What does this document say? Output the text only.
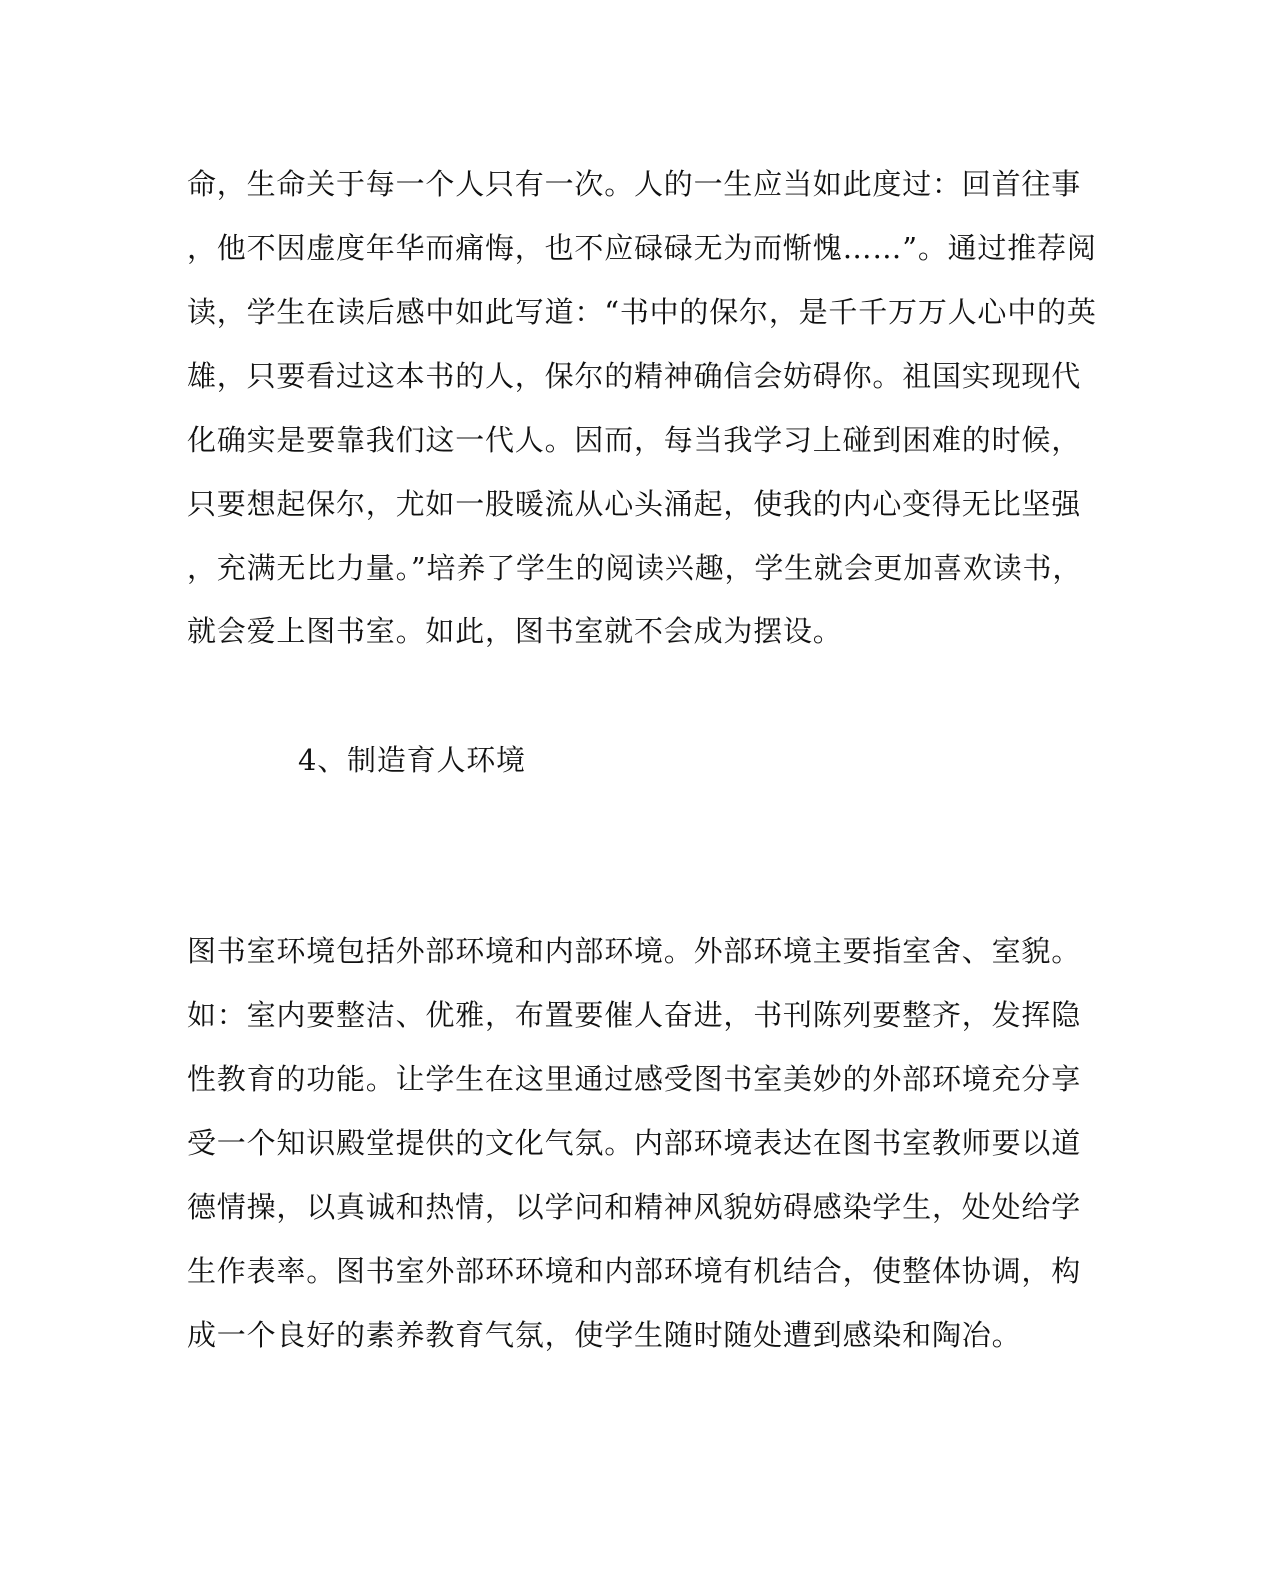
命，生命关于每一个人只有一次。人的一生应当如此度过：回首往事
，他不因虚度年华而痛悔，也不应碌碌无为而惭愧……”。通过推荐阅
读，学生在读后感中如此写道：“书中的保尔，是千千万万人心中的英
雄，只要看过这本书的人，保尔的精神确信会妨碍你。祖国实现现代
化确实是要靠我们这一代人。因而，每当我学习上碰到困难的时候，
只要想起保尔，尤如一股暖流从心头涌起，使我的内心变得无比坚强
，充满无比力量。”培养了学生的阅读兴趣，学生就会更加喜欢读书，
就会爱上图书室。如此，图书室就不会成为摆设。
4、制造育人环境
图书室环境包括外部环境和内部环境。外部环境主要指室舍、室貌。
如：室内要整洁、优雅，布置要催人奋进，书刊陈列要整齐，发挥隐
性教育的功能。让学生在这里通过感受图书室美妙的外部环境充分享
受一个知识殿堂提供的文化气氛。内部环境表达在图书室教师要以道
德情操，以真诚和热情，以学问和精神风貌妨碍感染学生，处处给学
生作表率。图书室外部环环境和内部环境有机结合，使整体协调，构
成一个良好的素养教育气氛，使学生随时随处遭到感染和陶冶。
